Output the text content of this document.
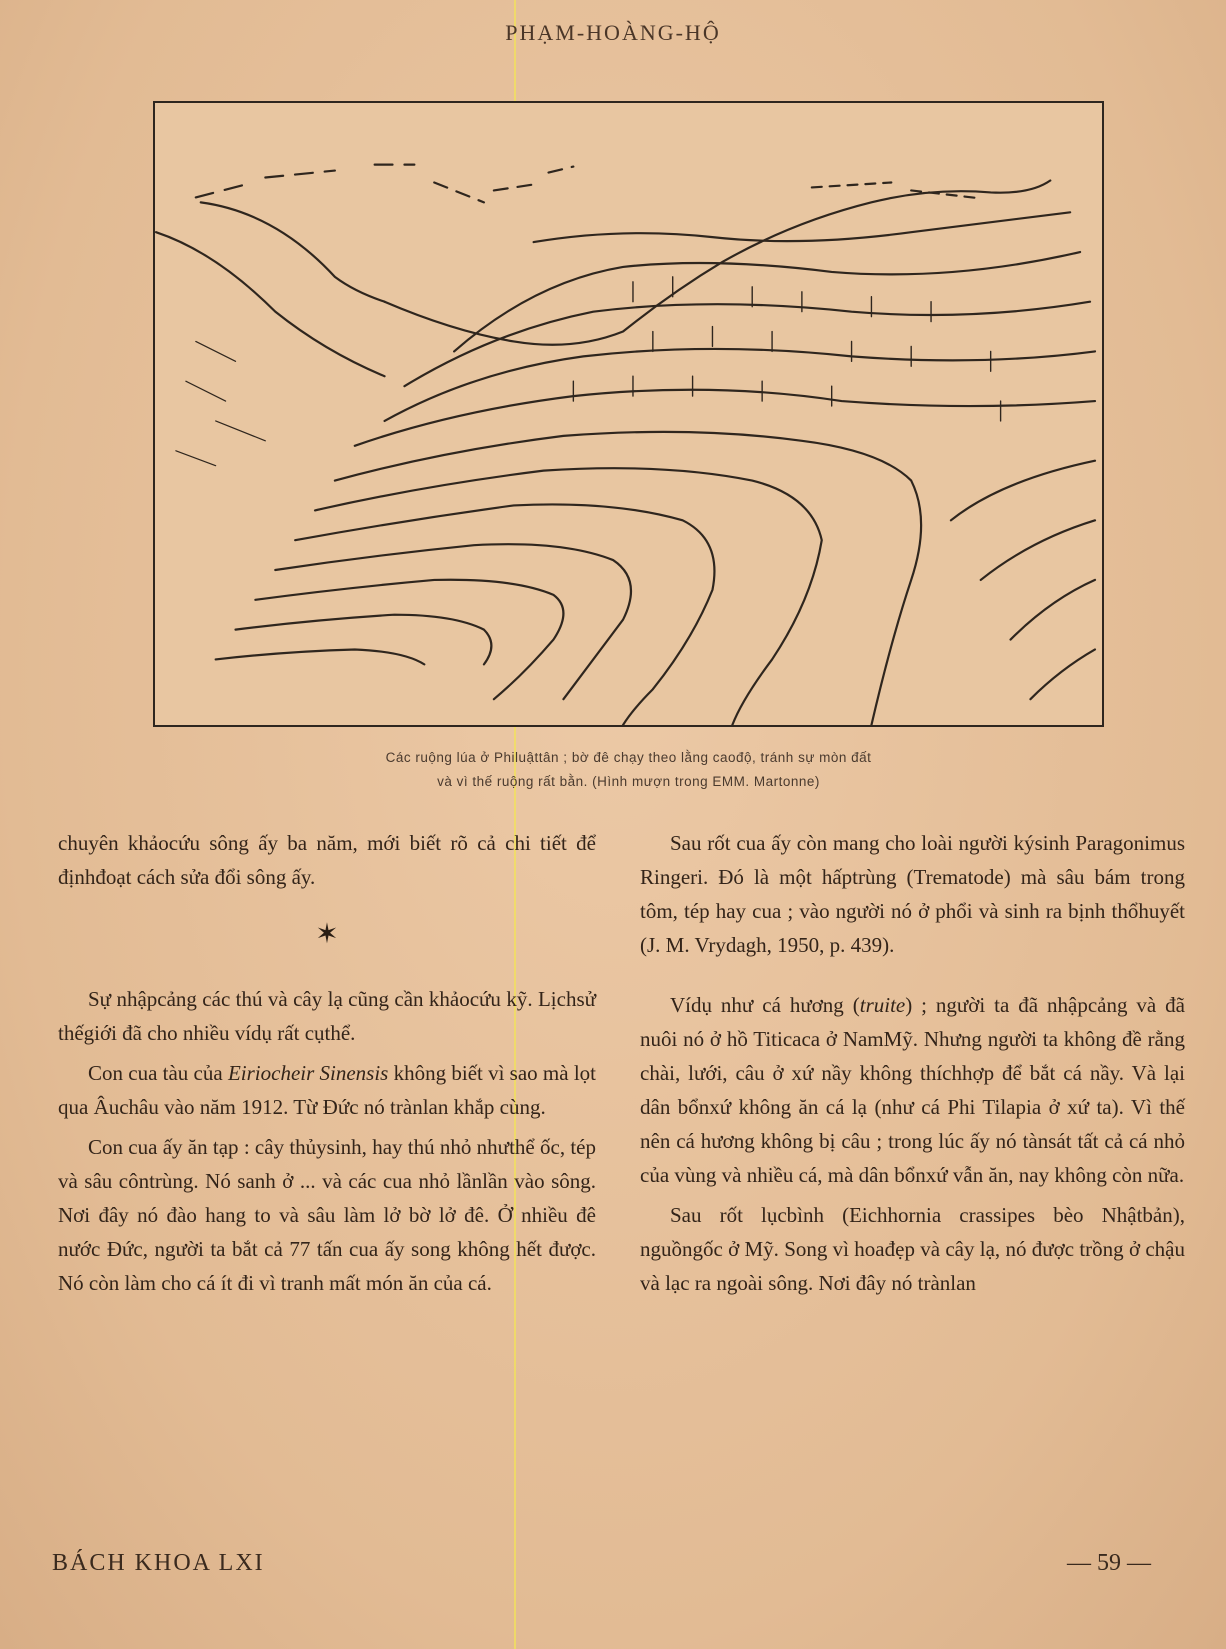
PHẠM-HOÀNG-HỘ
Các ruộng lúa ở Philuậttân ; bờ đê chạy theo lằng caođộ, tránh sự mòn đất
và vì thế ruộng rất bằn. (Hình mượn trong EMM. Martonne)

chuyên khảocứu sông ấy ba năm, mới biết rõ cả chi tiết để địnhđoạt cách sửa đổi sông ấy.

✶

Sự nhậpcảng các thú và cây lạ cũng cần khảocứu kỹ. Lịchsử thếgiới đã cho nhiều vídụ rất cụthể.

Con cua tàu của Eiriocheir Sinensis không biết vì sao mà lọt qua Âuchâu vào năm 1912. Từ Đức nó trànlan khắp cùng.

Con cua ấy ăn tạp : cây thủysinh, hay thú nhỏ nhưthể ốc, tép và sâu côntrùng. Nó sanh ở ... và các cua nhỏ lầnlần vào sông. Nơi đây nó đào hang to và sâu làm lở bờ lở đê. Ở nhiều đê nước Đức, người ta bắt cả 77 tấn cua ấy song không hết được. Nó còn làm cho cá ít đi vì tranh mất món ăn của cá.

Sau rốt cua ấy còn mang cho loài người kýsinh Paragonimus Ringeri. Đó là một hấptrùng (Trematode) mà sâu bám trong tôm, tép hay cua ; vào người nó ở phổi và sinh ra bịnh thổhuyết (J. M. Vrydagh, 1950, p. 439).

Vídụ như cá hương (truite) ; người ta đã nhậpcảng và đã nuôi nó ở hồ Titicaca ở NamMỹ. Nhưng người ta không đề rằng chài, lưới, câu ở xứ nầy không thíchhợp để bắt cá nầy. Và lại dân bổnxứ không ăn cá lạ (như cá Phi Tilapia ở xứ ta). Vì thế nên cá hương không bị câu ; trong lúc ấy nó tànsát tất cả cá nhỏ của vùng và nhiều cá, mà dân bổnxứ vẫn ăn, nay không còn nữa.

Sau rốt lụcbình (Eichhornia crassipes bèo Nhậtbản), nguồngốc ở Mỹ. Song vì hoađẹp và cây lạ, nó được trồng ở chậu và lạc ra ngoài sông. Nơi đây nó trànlan

BÁCH KHOA LXI	— 59 —
